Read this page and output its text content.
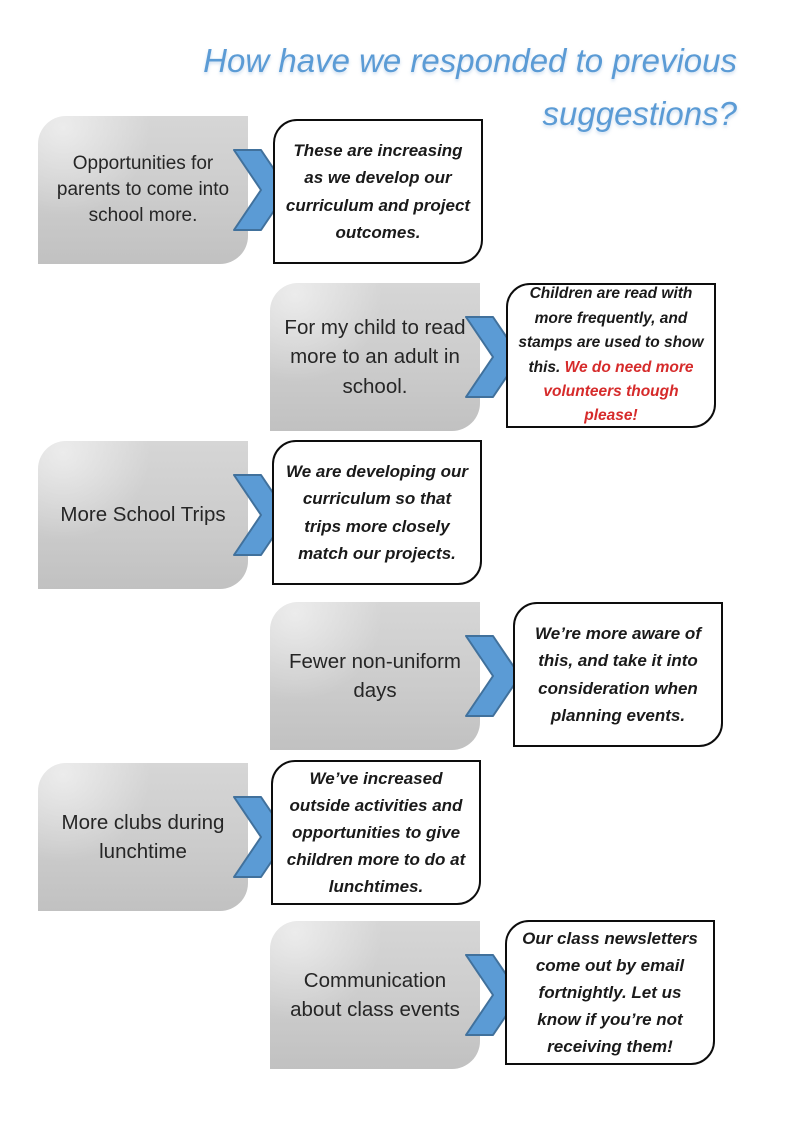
How have we responded to previous
suggestions?
Opportunities for parents to come into school more.
These are increasing as we develop our curriculum and project outcomes.
For my child to read more to an adult in school.
Children are read with more frequently, and stamps are used to show this. We do need more volunteers though please!
More School Trips
We are developing our curriculum so that trips more closely match our projects.
Fewer non-uniform days
We’re more aware of this, and take it into consideration when planning events.
More clubs during lunchtime
We’ve increased outside activities and opportunities to give children more to do at lunchtimes.
Communication about class events
Our class newsletters come out by email fortnightly. Let us know if you’re not receiving them!
